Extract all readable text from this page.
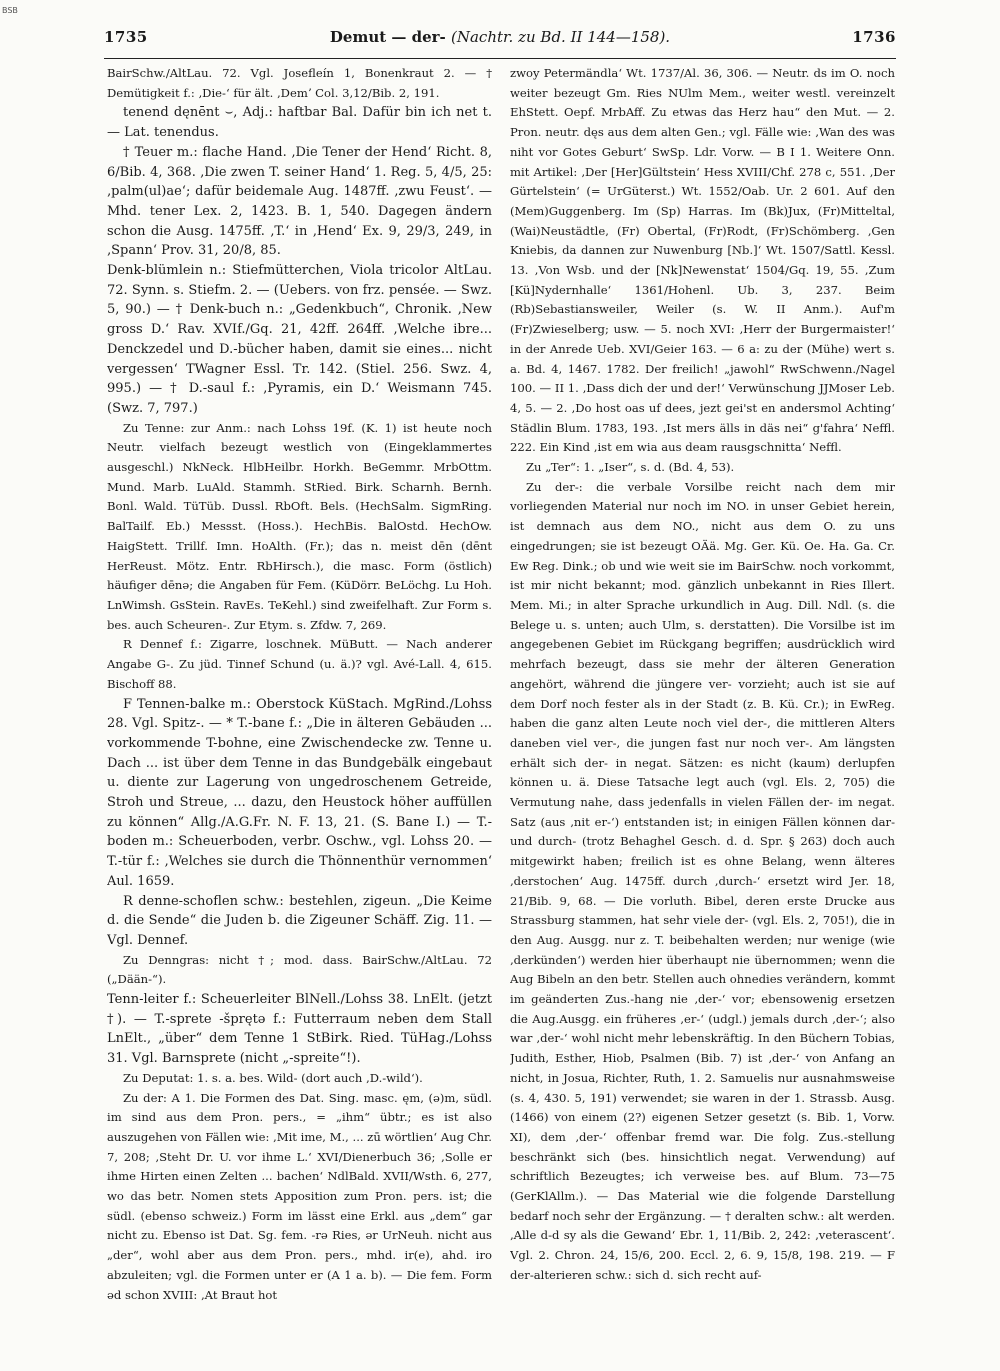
BSB
1735	Demut — der- (Nachtr. zu Bd. II 144—158).	1736
BairSchw./AltLau. 72. Vgl. Josefleín 1, Bonenkraut 2. — † Demütigkeit f.: ‚Die-‘ für ält. ‚Demʼ Col. 3,12/Bib. 2, 191.
tenend dęnēnt ⌣, Adj.: haftbar Bal. Dafür bin ich net t. — Lat. tenendus.
† Teuer m.: flache Hand. ‚Die Tener der Hend‘ Richt. 8, 6/Bib. 4, 368. ‚Die zwen T. seiner Hand‘ 1. Reg. 5, 4/5, 25: ‚palm(ul)ae‘; dafür beidemale Aug. 1487ff. ‚zwu Feust‘. — Mhd. tener Lex. 2, 1423. B. 1, 540. Dagegen ändern schon die Ausg. 1475ff. ‚T.‘ in ‚Hend‘ Ex. 9, 29/3, 249, in ‚Spann‘ Prov. 31, 20/8, 85.
Denk-blümlein n.: Stiefmütterchen, Viola tricolor AltLau. 72. Synn. s. Stiefm. 2. — (Uebers. von frz. pensée. — Swz. 5, 90.) — † Denk-buch n.: „Gedenkbuch“, Chronik. ‚New gross D.‘ Rav. XVIf./Gq. 21, 42ff. 264ff. ‚Welche ibre... Denckzedel und D.-bücher haben, damit sie eines... nicht vergessen‘ TWagner Essl. Tr. 142. (Stiel. 256. Swz. 4, 995.) — † D.-saul f.: ‚Pyramis, ein D.‘ Weismann 745. (Swz. 7, 797.)
Zu Tenne: zur Anm.: nach Lohss 19f. (K. 1) ist heute noch Neutr. vielfach bezeugt westlich von (Eingeklammertes ausgeschl.) NkNeck. HlbHeilbr. Horkh. BeGemmr. MrbOttm. Mund. Marb. LuAld. Stammh. StRied. Birk. Scharnh. Bernh. Bonl. Wald. TüTüb. Dussl. RbOft. Bels. (HechSalm. SigmRing. BalTailf. Eb.) Messst. (Hoss.). HechBis. BalOstd. HechOw. HaigStett. Trillf. Imn. HoAlth. (Fr.); das n. meist dēn (dēnt HerReust. Mötz. Entr. RbHirsch.), die masc. Form (östlich) häufiger dēnə; die Angaben für Fem. (KüDörr. BeLöchg. Lu Hoh. LnWimsh. GsStein. RavEs. TeKehl.) sind zweifelhaft. Zur Form s. bes. auch Scheuren-. Zur Etym. s. Zfdw. 7, 269.
R Dennef f.: Zigarre, loschnek. MüButt. — Nach anderer Angabe G-. Zu jüd. Tinnef Schund (u. ä.)? vgl. Avé-Lall. 4, 615. Bischoff 88.
F Tennen-balke m.: Oberstock KüStach. MgRind./Lohss 28. Vgl. Spitz-. — * T.-bane f.: „Die in älteren Gebäuden ... vorkommende T-bohne, eine Zwischendecke zw. Tenne u. Dach ... ist über dem Tenne in das Bundgebälk eingebaut u. diente zur Lagerung von ungedroschenem Getreide, Stroh und Streue, ... dazu, den Heustock höher auffüllen zu können“ Allg./A.G.Fr. N. F. 13, 21. (S. Bane I.) — T.-boden m.: Scheuerboden, verbr. Oschw., vgl. Lohss 20. — T.-tür f.: ‚Welches sie durch die Thönnenthür vernommen‘ Aul. 1659.
R denne-schoflen schw.: bestehlen, zigeun. „Die Keime d. die Sende“ die Juden b. die Zigeuner Schäff. Zig. 11. — Vgl. Dennef.
Zu Denngras: nicht †; mod. dass. BairSchw./AltLau. 72 („Dään-“).
Tenn-leiter f.: Scheuerleiter BlNell./Lohss 38. LnElt. (jetzt †). — T.-sprete -šprętə f.: Futterraum neben dem Stall LnElt., „über“ dem Tenne 1 StBirk. Ried. TüHag./Lohss 31. Vgl. Barnsprete (nicht „-spreite“!).
Zu Deputat: 1. s. a. bes. Wild- (dort auch ‚D.-wild‘).
Zu der: A 1. Die Formen des Dat. Sing. masc. ęm, (ə)m, südl. im sind aus dem Pron. pers., = „ihm“ übtr.; es ist also auszugehen von Fällen wie: ‚Mit ime, M., ... zū wörtlien‘ Aug Chr. 7, 208; ‚Steht Dr. U. vor ihme L.‘ XVI/Dienerbuch 36; ‚Solle er ihme Hirten einen Zelten ... bachen‘ NdlBald. XVII/Wsth. 6, 277, wo das betr. Nomen stets Apposition zum Pron. pers. ist; die südl. (ebenso schweiz.) Form im lässt eine Erkl. aus „dem“ gar nicht zu. Ebenso ist Dat. Sg. fem. -rə Ries, ər UrNeuh. nicht aus „der“, wohl aber aus dem Pron. pers., mhd. ir(e), ahd. iro abzuleiten; vgl. die Formen unter er (A 1 a. b). — Die fem. Form əd schon XVIII: ‚At Braut hot
zwoy Petermändla‘ Wt. 1737/Al. 36, 306. — Neutr. ds im O. noch weiter bezeugt Gm. Ries NUlm Mem., weiter westl. vereinzelt EhStett. Oepf. MrbAff. Zu etwas das Herz hau“ den Mut. — 2. Pron. neutr. dęs aus dem alten Gen.; vgl. Fälle wie: ‚Wan des was niht vor Gotes Geburt‘ SwSp. Ldr. Vorw. — B I 1. Weitere Onn. mit Artikel: ‚Der [Her]Gültstein‘ Hess XVIII/Chf. 278 c, 551. ‚Der Gürtelstein‘ (= UrGüterst.) Wt. 1552/Oab. Ur. 2 601. Auf den (Mem)Guggenberg. Im (Sp) Harras. Im (Bk)Jux, (Fr)Mitteltal, (Wai)Neustädtle, (Fr) Obertal, (Fr)Rodt, (Fr)Schömberg. ‚Gen Kniebis, da dannen zur Nuwenburg [Nb.]‘ Wt. 1507/Sattl. Kessl. 13. ‚Von Wsb. und der [Nk]Newenstat‘ 1504/Gq. 19, 55. ‚Zum [Kü]Nydernhalle‘ 1361/Hohenl. Ub. 3, 237. Beim (Rb)Sebastiansweiler, Weiler (s. W. II Anm.). Auf'm (Fr)Zwieselberg; usw. — 5. noch XVI: ‚Herr der Burgermaister!‘ in der Anrede Ueb. XVI/Geier 163. — 6 a: zu der (Mühe) wert s. a. Bd. 4, 1467. 1782. Der freilich! „jawohl“ RwSchwenn./Nagel 100. — II 1. ‚Dass dich der und der!‘ Verwünschung JJMoser Leb. 4, 5. — 2. ‚Do host oas uf dees, jezt gei'st en andersmol Achting‘ Städlin Blum. 1783, 193. ‚Ist mers älls in däs nei“ g'fahra‘ Neffl. 222. Ein Kind ‚ist em wia aus deam rausgschnitta‘ Neffl.
Zu „Ter“: 1. „Iser“, s. d. (Bd. 4, 53).
Zu der-: die verbale Vorsilbe reicht nach dem mir vorliegenden Material nur noch im NO. in unser Gebiet herein, ist demnach aus dem NO., nicht aus dem O. zu uns eingedrungen; sie ist bezeugt OÄä. Mg. Ger. Kü. Oe. Ha. Ga. Cr. Ew Reg. Dink.; ob und wie weit sie im BairSchw. noch vorkommt, ist mir nicht bekannt; mod. gänzlich unbekannt in Ries Illert. Mem. Mi.; in alter Sprache urkundlich in Aug. Dill. Ndl. (s. die Belege u. s. unten; auch Ulm, s. derstatten). Die Vorsilbe ist im angegebenen Gebiet im Rückgang begriffen; ausdrücklich wird mehrfach bezeugt, dass sie mehr der älteren Generation angehört, während die jüngere ver- vorzieht; auch ist sie auf dem Dorf noch fester als in der Stadt (z. B. Kü. Cr.); in EwReg. haben die ganz alten Leute noch viel der-, die mittleren Alters daneben viel ver-, die jungen fast nur noch ver-. Am längsten erhält sich der- in negat. Sätzen: es nicht (kaum) derlupfen können u. ä. Diese Tatsache legt auch (vgl. Els. 2, 705) die Vermutung nahe, dass jedenfalls in vielen Fällen der- im negat. Satz (aus ‚nit er-‘) entstanden ist; in einigen Fällen können dar- und durch- (trotz Behaghel Gesch. d. d. Spr. § 263) doch auch mitgewirkt haben; freilich ist es ohne Belang, wenn älteres ‚derstochen‘ Aug. 1475ff. durch ‚durch-‘ ersetzt wird Jer. 18, 21/Bib. 9, 68. — Die vorluth. Bibel, deren erste Drucke aus Strassburg stammen, hat sehr viele der- (vgl. Els. 2, 705!), die in den Aug. Ausgg. nur z. T. beibehalten werden; nur wenige (wie ‚derkünden‘) werden hier überhaupt nie übernommen; wenn die Aug Bibeln an den betr. Stellen auch ohnedies verändern, kommt im geänderten Zus.-hang nie ‚der-‘ vor; ebensowenig ersetzen die Aug.Ausgg. ein früheres ‚er-‘ (udgl.) jemals durch ‚der-‘; also war ‚der-‘ wohl nicht mehr lebenskräftig. In den Büchern Tobias, Judith, Esther, Hiob, Psalmen (Bib. 7) ist ‚der-‘ von Anfang an nicht, in Josua, Richter, Ruth, 1. 2. Samuelis nur ausnahmsweise (s. 4, 430. 5, 191) verwendet; sie waren in der 1. Strassb. Ausg. (1466) von einem (2?) eigenen Setzer gesetzt (s. Bib. 1, Vorw. XI), dem ‚der-‘ offenbar fremd war. Die folg. Zus.-stellung beschränkt sich (bes. hinsichtlich negat. Verwendung) auf schriftlich Bezeugtes; ich verweise bes. auf Blum. 73—75 (GerKlAllm.). — Das Material wie die folgende Darstellung bedarf noch sehr der Ergänzung. — † deralten schw.: alt werden. ‚Alle d-d sy als die Gewand‘ Ebr. 1, 11/Bib. 2, 242: ‚veterascent‘. Vgl. 2. Chron. 24, 15/6, 200. Eccl. 2, 6. 9, 15/8, 198. 219. — F der-alterieren schw.: sich d. sich recht auf-
